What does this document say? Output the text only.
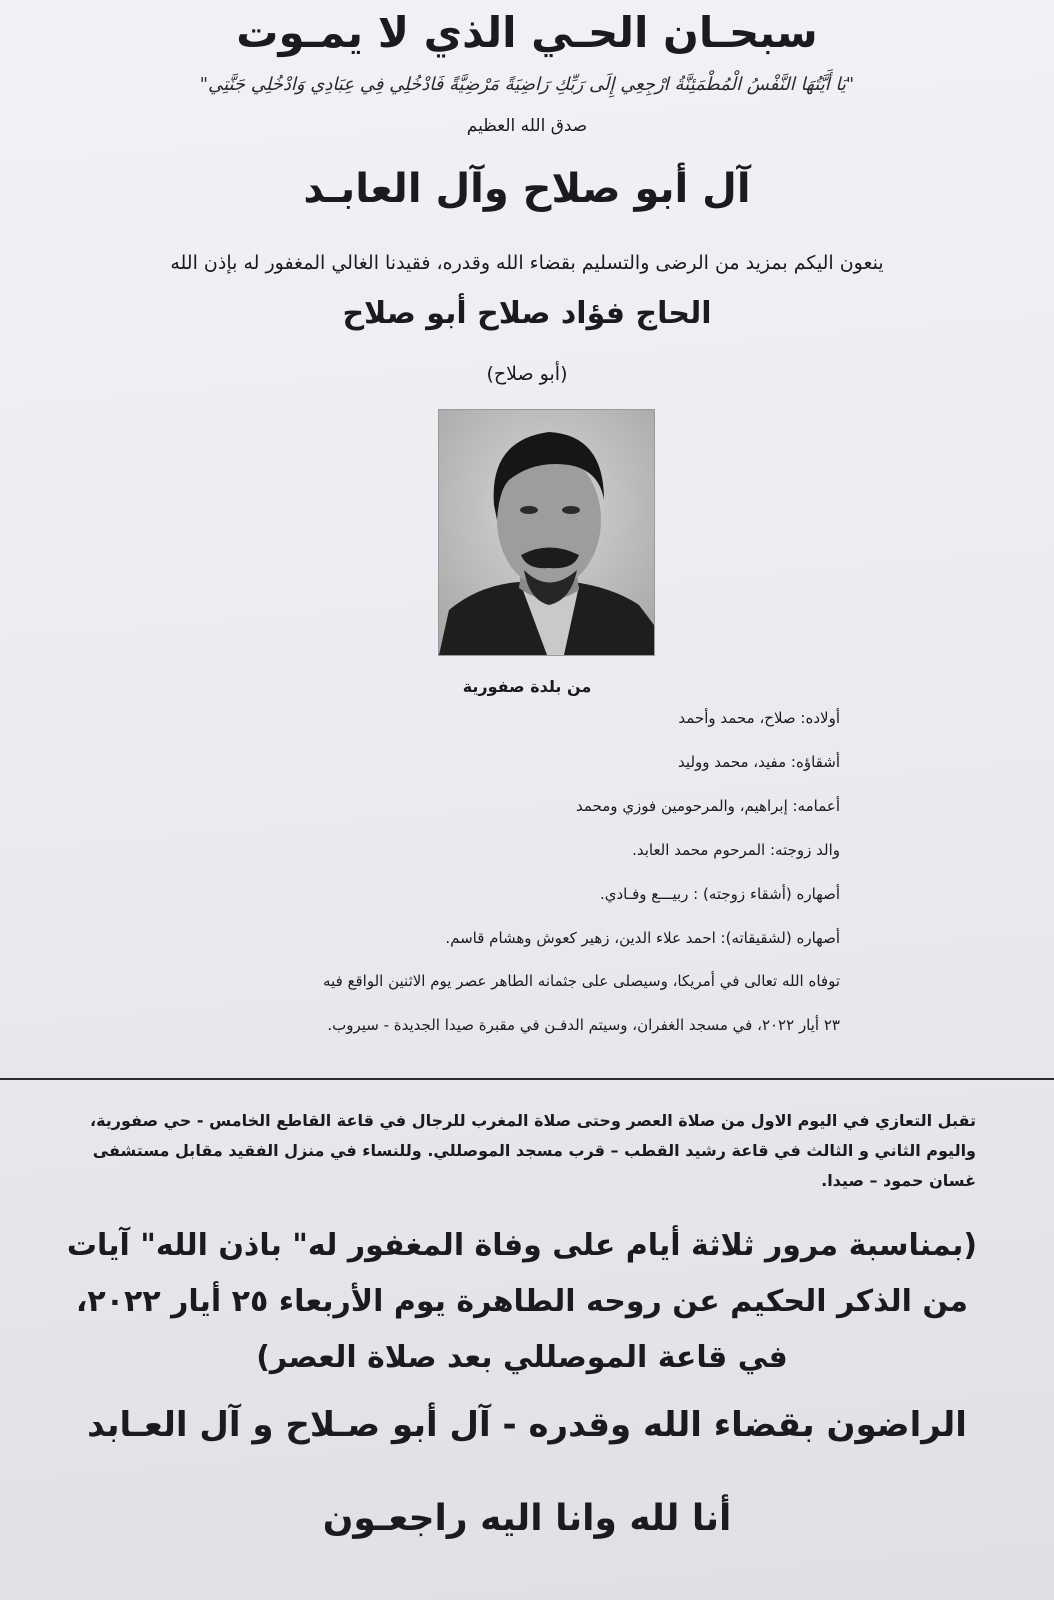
سبحـان الحـي الذي لا يمـوت
"يَا أَيَّتُهَا النَّفْسُ الْمُطْمَئِنَّةُ ارْجِعِي إِلَى رَبِّكِ رَاضِيَةً مَرْضِيَّةً فَادْخُلِي فِي عِبَادِي وَادْخُلِي جَنَّتِي"
صدق الله العظيم
آل أبو صلاح وآل العابـد
ينعون اليكم بمزيد من الرضى والتسليم بقضاء الله وقدره، فقيدنا الغالي المغفور له بإذن الله
الحاج فؤاد صلاح أبو صلاح
(أبو صلاح)
من بلدة صفورية
أولاده: صلاح، محمد وأحمد
أشقاؤه: مفيد، محمد ووليد
أعمامه: إبراهيم، والمرحومين فوزي ومحمد
والد زوجته: المرحوم محمد العابد.
أصهاره (أشقاء زوجته) : ربيـــع وفـادي.
أصهاره (لشقيقاته): احمد علاء الدين، زهير كعوش وهشام قاسم.
توفاه الله تعالى في أمريكا، وسيصلى على جثمانه الطاهر عصر يوم الاثنين الواقع فيه
٢٣ أيار ٢٠٢٢، في مسجد الغفران، وسيتم الدفـن في مقبرة صيدا الجديدة - سيروب.
تقبل التعازي في اليوم الاول من صلاة العصر وحتى صلاة المغرب للرجال في قاعة القاطع الخامس - حي صفورية، واليوم الثاني و الثالث في قاعة رشيد القطب – قرب مسجد الموصللي. وللنساء في منزل الفقيد مقابل مستشفى غسان حمود – صيدا.
(بمناسبة مرور ثلاثة أيام على وفاة المغفور له" باذن الله" آيات من الذكر الحكيم عن روحه الطاهرة يوم الأربعاء ٢٥ أيار ٢٠٢٢، في قاعة الموصللي بعد صلاة العصر)
الراضون بقضاء الله وقدره - آل أبو صـلاح و آل العـابد
أنا لله وانا اليه راجعـون
